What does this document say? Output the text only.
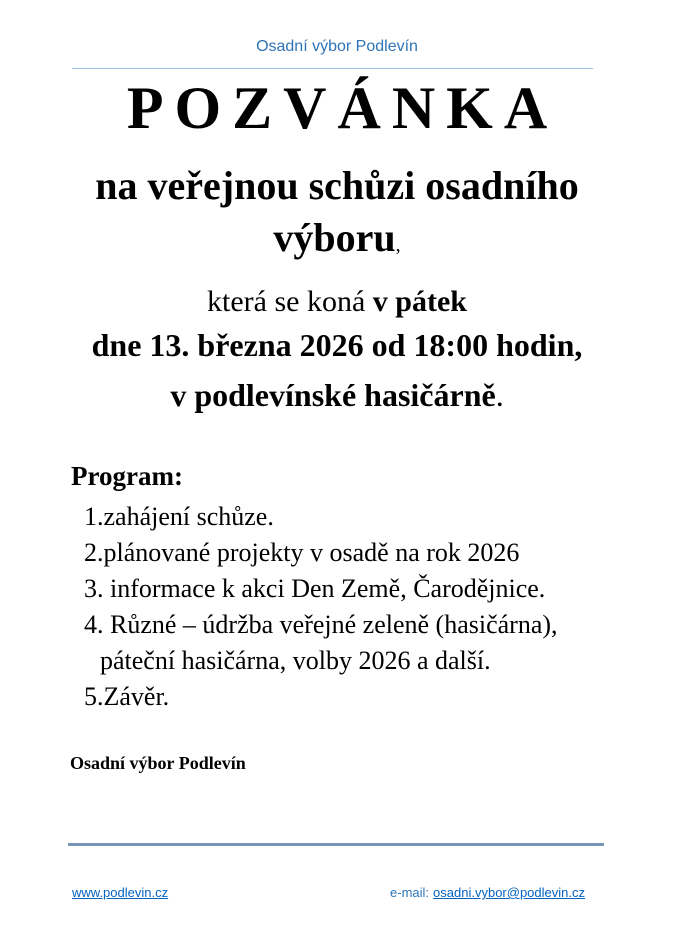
Osadní výbor Podlevín
POZVÁNKA
na veřejnou schůzi osadního
výboru,
která se koná v pátek
dne 13. března 2026 od 18:00 hodin,
v podlevínské hasičárně.
Program:
1.zahájení schůze.
2.plánované projekty v osadě na rok 2026
3. informace k akci Den Země, Čarodějnice.
4. Různé – údržba veřejné zeleně (hasičárna),
páteční hasičárna, volby 2026 a další.
5.Závěr.
Osadní výbor Podlevín
www.podlevin.cz	e-mail: osadni.vybor@podlevin.cz
